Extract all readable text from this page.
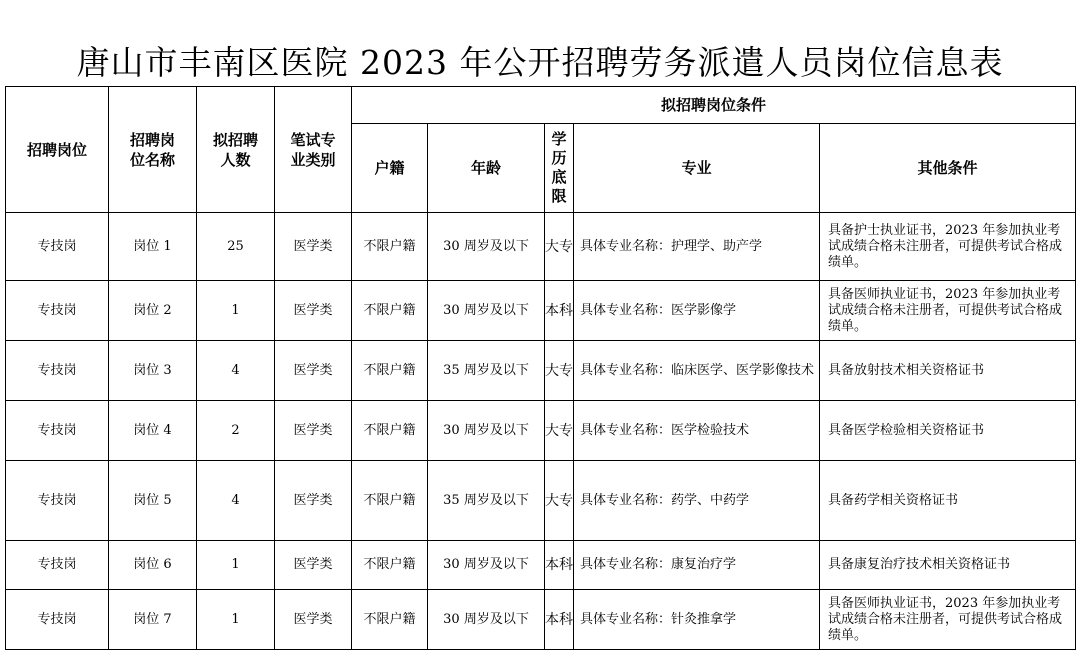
唐山市丰南区医院 2023 年公开招聘劳务派遣人员岗位信息表
招聘岗位	招聘岗位名称	拟招聘人数	笔试专业类别	拟招聘岗位条件				
				户籍	年龄	学历底限	专业	其他条件
专技岗	岗位 1	25	医学类	不限户籍	30 周岁及以下	大专	具体专业名称：护理学、助产学	具备护士执业证书，2023 年参加执业考试成绩合格未注册者，可提供考试合格成绩单。
专技岗	岗位 2	1	医学类	不限户籍	30 周岁及以下	本科	具体专业名称：医学影像学	具备医师执业证书，2023 年参加执业考试成绩合格未注册者，可提供考试合格成绩单。
专技岗	岗位 3	4	医学类	不限户籍	35 周岁及以下	大专	具体专业名称：临床医学、医学影像技术	具备放射技术相关资格证书
专技岗	岗位 4	2	医学类	不限户籍	30 周岁及以下	大专	具体专业名称：医学检验技术	具备医学检验相关资格证书
专技岗	岗位 5	4	医学类	不限户籍	35 周岁及以下	大专	具体专业名称：药学、中药学	具备药学相关资格证书
专技岗	岗位 6	1	医学类	不限户籍	30 周岁及以下	本科	具体专业名称：康复治疗学	具备康复治疗技术相关资格证书
专技岗	岗位 7	1	医学类	不限户籍	30 周岁及以下	本科	具体专业名称：针灸推拿学	具备医师执业证书，2023 年参加执业考试成绩合格未注册者，可提供考试合格成绩单。
